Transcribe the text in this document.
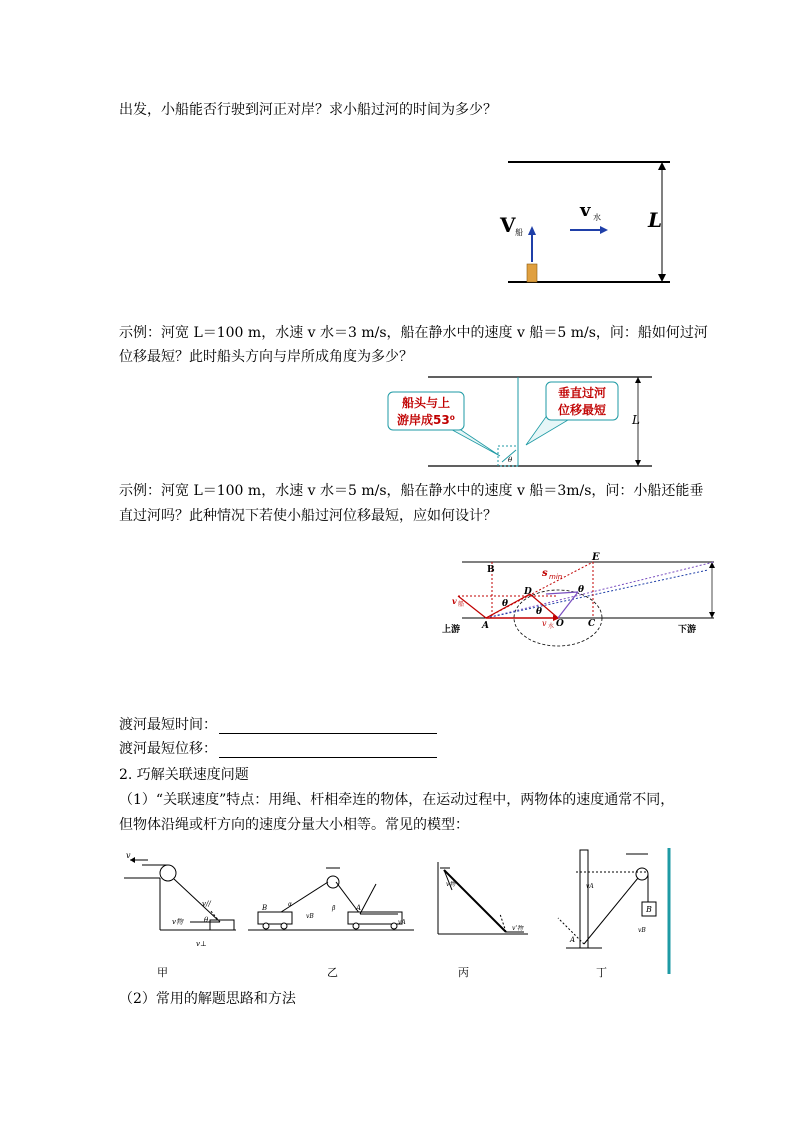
出发，小船能否行驶到河正对岸？求小船过河的时间为多少？
示例：河宽 L＝100 m，水速 v 水＝3 m/s，船在静水中的速度 v 船＝5 m/s，问：船如何过河
位移最短？此时船头方向与岸所成角度为多少？
示例：河宽 L＝100 m，水速 v 水＝5 m/s，船在静水中的速度 v 船＝3m/s，问：小船还能垂
直过河吗？此种情况下若使小船过河位移最短，应如何设计？
渡河最短时间：
渡河最短位移：
2. 巧解关联速度问题
（1）“关联速度”特点：用绳、杆相牵连的物体，在运动过程中，两物体的速度通常不同，
但物体沿绳或杆方向的速度分量大小相等。常见的模型：
（2）常用的解题思路和方法
L
V 船
v 水
L
θ
船头与上
游岸成53⁰
垂直过河
位移最短
B
E
s min
θ
D
θ
θ
v 船
A	v 水 O	C
上游	下游
v
v//
v物	θ
v⊥
甲
B	A
α
β
vA
vB
乙
v物
v'物
丙
B
A
vB
vA
丁
